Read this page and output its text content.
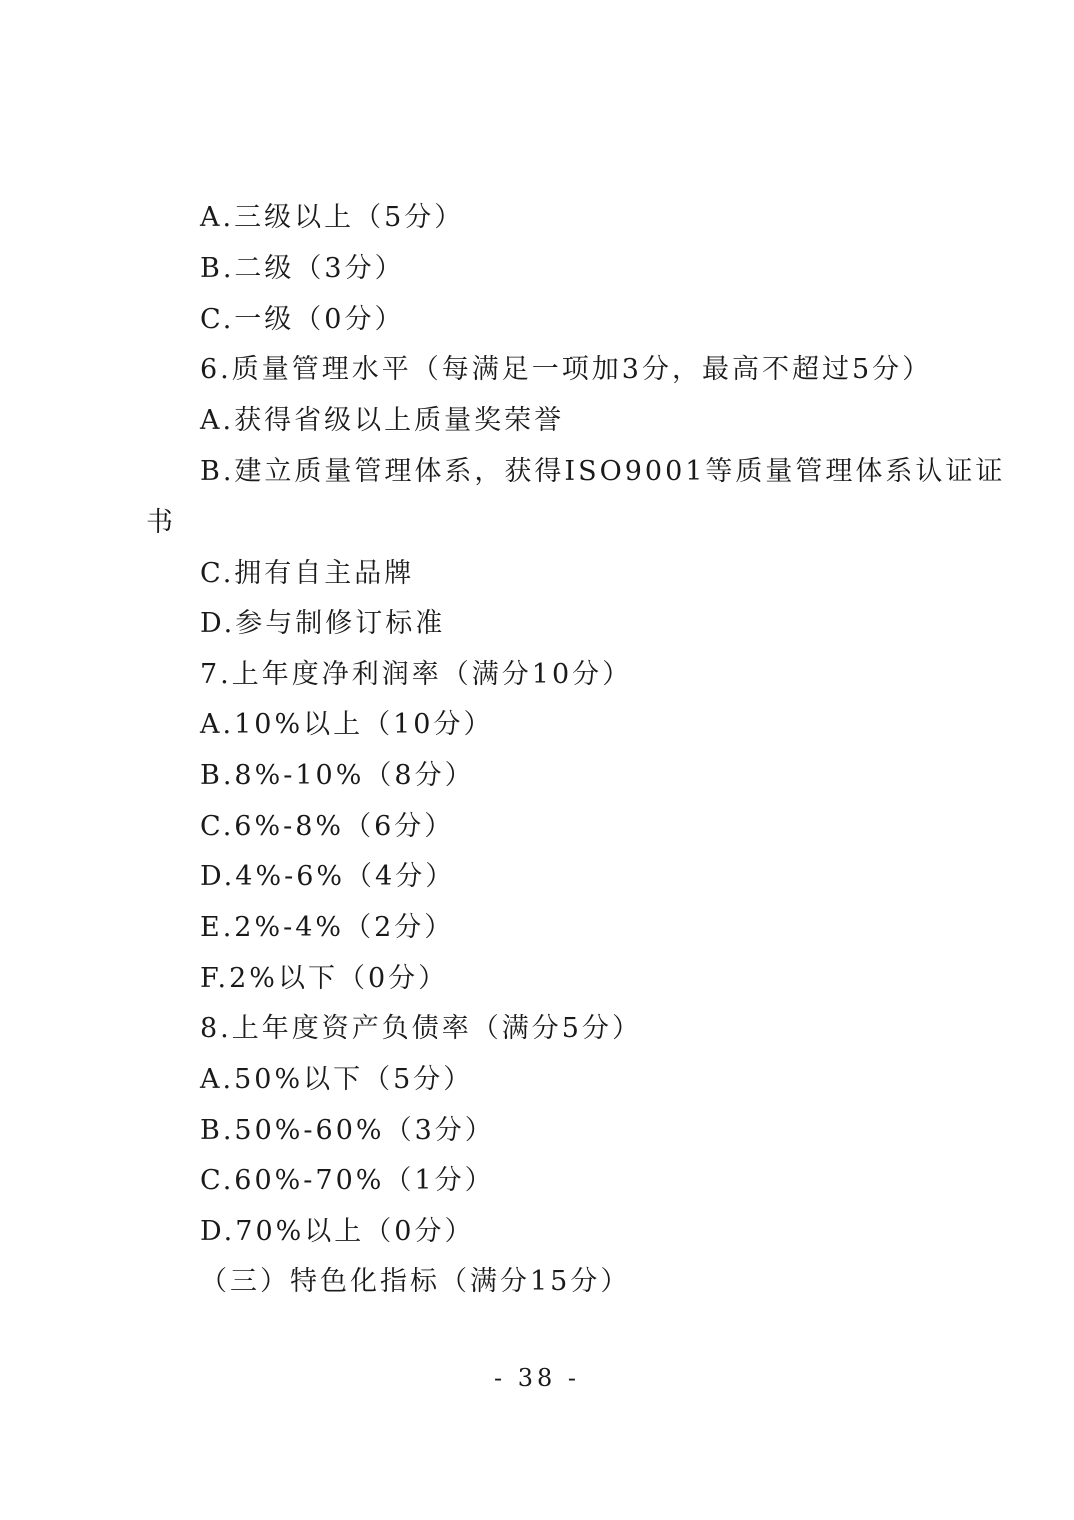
A.三级以上（5分）
B.二级（3分）
C.一级（0分）
6.质量管理水平（每满足一项加3分，最高不超过5分）
A.获得省级以上质量奖荣誉
B.建立质量管理体系，获得ISO9001等质量管理体系认证证
书
C.拥有自主品牌
D.参与制修订标准
7.上年度净利润率（满分10分）
A.10%以上（10分）
B.8%-10%（8分）
C.6%-8%（6分）
D.4%-6%（4分）
E.2%-4%（2分）
F.2%以下（0分）
8.上年度资产负债率（满分5分）
A.50%以下（5分）
B.50%-60%（3分）
C.60%-70%（1分）
D.70%以上（0分）
（三）特色化指标（满分15分）
- 38 -
